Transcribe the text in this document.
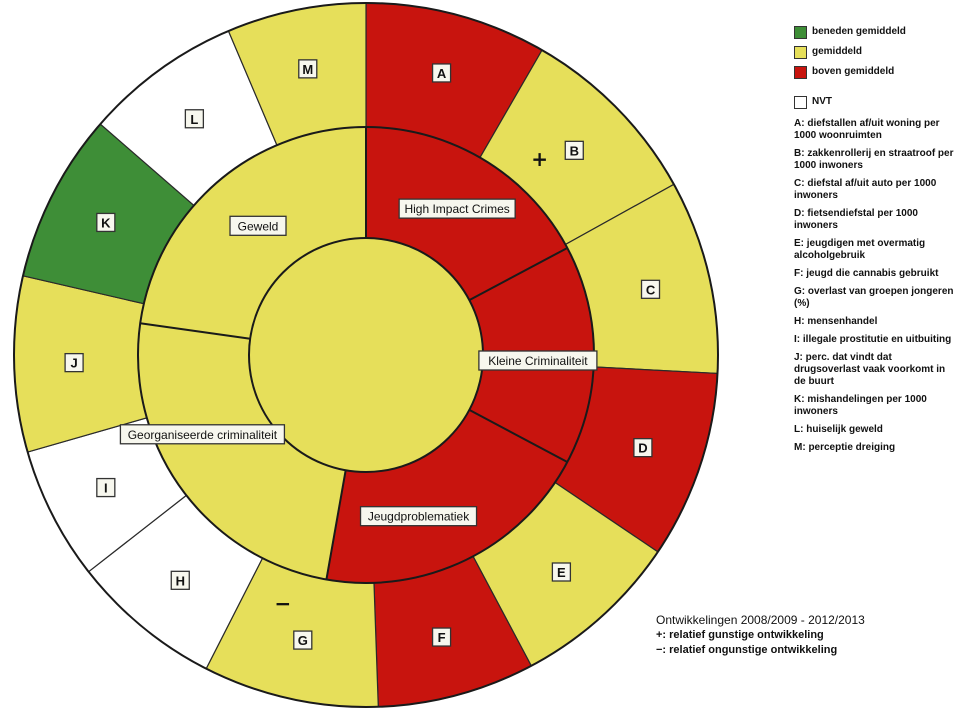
High Impact Crimes
Kleine Criminaliteit
Jeugdproblematiek
Georganiseerde criminaliteit
Geweld
A
B
C
D
E
F
G
H
I
J
K
L
M
+
−
beneden gemiddeld
gemiddeld
boven gemiddeld
NVT
A: diefstallen af/uit woning per 1000 woonruimten
B: zakkenrollerij en straatroof per 1000 inwoners
C: diefstal af/uit auto per 1000 inwoners
D: fietsendiefstal per 1000 inwoners
E: jeugdigen met overmatig alcoholgebruik
F: jeugd die cannabis gebruikt
G: overlast van groepen jongeren (%)
H: mensenhandel
I: illegale prostitutie en uitbuiting
J: perc. dat vindt dat drugsoverlast vaak voorkomt in de buurt
K: mishandelingen per 1000 inwoners
L: huiselijk geweld
M: perceptie dreiging
Ontwikkelingen 2008/2009 - 2012/2013
+: relatief gunstige ontwikkeling
−: relatief ongunstige ontwikkeling
